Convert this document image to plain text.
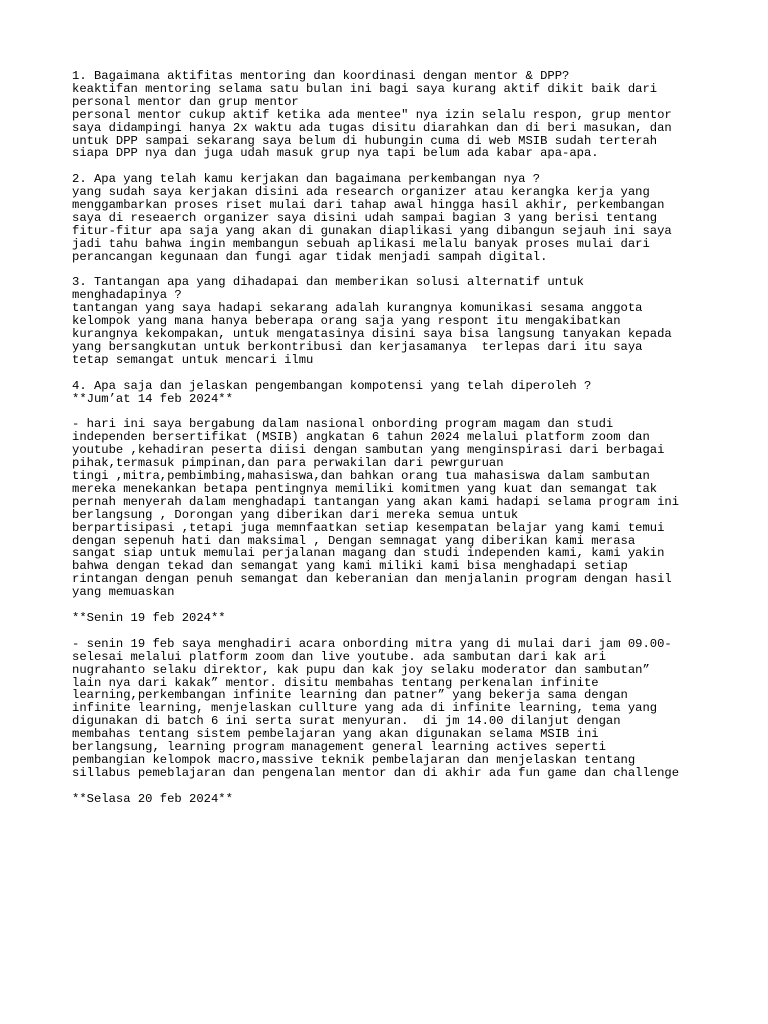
1. Bagaimana aktifitas mentoring dan koordinasi dengan mentor & DPP?
keaktifan mentoring selama satu bulan ini bagi saya kurang aktif dikit baik dari
personal mentor dan grup mentor
personal mentor cukup aktif ketika ada mentee" nya izin selalu respon, grup mentor
saya didampingi hanya 2x waktu ada tugas disitu diarahkan dan di beri masukan, dan
untuk DPP sampai sekarang saya belum di hubungin cuma di web MSIB sudah terterah
siapa DPP nya dan juga udah masuk grup nya tapi belum ada kabar apa-apa.
2. Apa yang telah kamu kerjakan dan bagaimana perkembangan nya ?
yang sudah saya kerjakan disini ada research organizer atau kerangka kerja yang
menggambarkan proses riset mulai dari tahap awal hingga hasil akhir, perkembangan
saya di reseaerch organizer saya disini udah sampai bagian 3 yang berisi tentang
fitur-fitur apa saja yang akan di gunakan diaplikasi yang dibangun sejauh ini saya
jadi tahu bahwa ingin membangun sebuah aplikasi melalu banyak proses mulai dari
perancangan kegunaan dan fungi agar tidak menjadi sampah digital.
3. Tantangan apa yang dihadapai dan memberikan solusi alternatif untuk
menghadapinya ?
tantangan yang saya hadapi sekarang adalah kurangnya komunikasi sesama anggota
kelompok yang mana hanya beberapa orang saja yang respont itu mengakibatkan
kurangnya kekompakan, untuk mengatasinya disini saya bisa langsung tanyakan kepada
yang bersangkutan untuk berkontribusi dan kerjasamanya  terlepas dari itu saya
tetap semangat untuk mencari ilmu
4. Apa saja dan jelaskan pengembangan kompotensi yang telah diperoleh ?
**Jum’at 14 feb 2024**
- hari ini saya bergabung dalam nasional onbording program magam dan studi
independen bersertifikat (MSIB) angkatan 6 tahun 2024 melalui platform zoom dan
youtube ,kehadiran peserta diisi dengan sambutan yang menginspirasi dari berbagai
pihak,termasuk pimpinan,dan para perwakilan dari pewrguruan
tingi ,mitra,pembimbing,mahasiswa,dan bahkan orang tua mahasiswa dalam sambutan
mereka menekankan betapa pentingnya memiliki komitmen yang kuat dan semangat tak
pernah menyerah dalam menghadapi tantangan yang akan kami hadapi selama program ini
berlangsung , Dorongan yang diberikan dari mereka semua untuk
berpartisipasi ,tetapi juga memnfaatkan setiap kesempatan belajar yang kami temui
dengan sepenuh hati dan maksimal , Dengan semnagat yang diberikan kami merasa
sangat siap untuk memulai perjalanan magang dan studi independen kami, kami yakin
bahwa dengan tekad dan semangat yang kami miliki kami bisa menghadapi setiap
rintangan dengan penuh semangat dan keberanian dan menjalanin program dengan hasil
yang memuaskan
**Senin 19 feb 2024**
- senin 19 feb saya menghadiri acara onbording mitra yang di mulai dari jam 09.00-
selesai melalui platform zoom dan live youtube. ada sambutan dari kak ari
nugrahanto selaku direktor, kak pupu dan kak joy selaku moderator dan sambutan”
lain nya dari kakak” mentor. disitu membahas tentang perkenalan infinite
learning,perkembangan infinite learning dan patner” yang bekerja sama dengan
infinite learning, menjelaskan cullture yang ada di infinite learning, tema yang
digunakan di batch 6 ini serta surat menyuran.  di jm 14.00 dilanjut dengan
membahas tentang sistem pembelajaran yang akan digunakan selama MSIB ini
berlangsung, learning program management general learning actives seperti
pembangian kelompok macro,massive teknik pembelajaran dan menjelaskan tentang
sillabus pemeblajaran dan pengenalan mentor dan di akhir ada fun game dan challenge
**Selasa 20 feb 2024**
